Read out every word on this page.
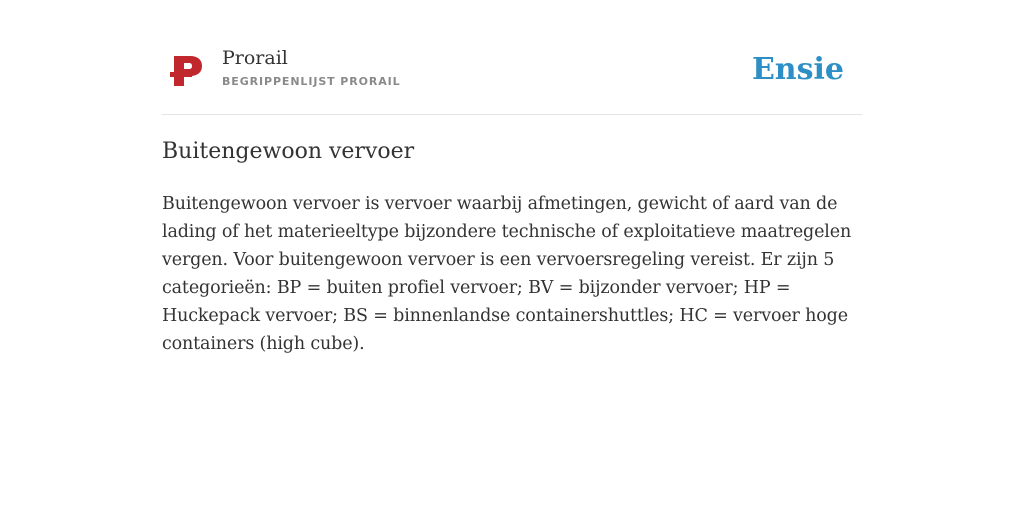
Prorail
BEGRIPPENLIJST PRORAIL	Ensie
Buitengewoon vervoer

Buitengewoon vervoer is vervoer waarbij afmetingen, gewicht of aard van de lading of het materieeltype bijzondere technische of exploitatieve maatregelen vergen. Voor buitengewoon vervoer is een vervoersregeling vereist. Er zijn 5 categorieën: BP = buiten profiel vervoer; BV = bijzonder vervoer; HP = Huckepack vervoer; BS = binnenlandse containershuttles; HC = vervoer hoge containers (high cube).
